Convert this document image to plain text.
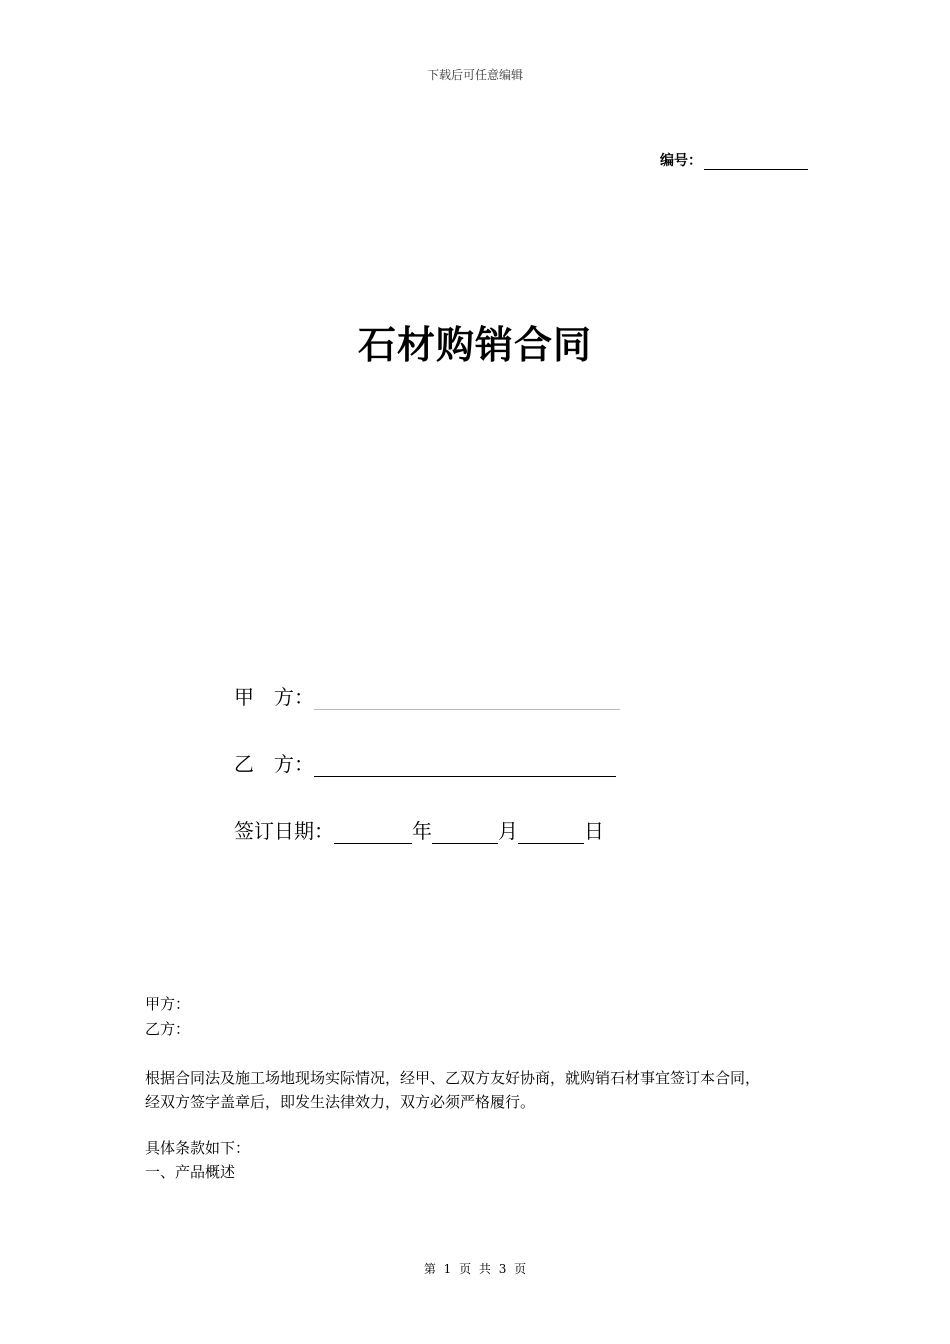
下载后可任意编辑
编号：
石材购销合同
甲　方：
乙　方：
签订日期：	年	月	日
甲方：
乙方：
根据合同法及施工场地现场实际情况，经甲、乙双方友好协商，就购销石材事宜签订本合同，
经双方签字盖章后，即发生法律效力，双方必须严格履行。
具体条款如下：
一、产品概述
第 1 页 共 3 页
